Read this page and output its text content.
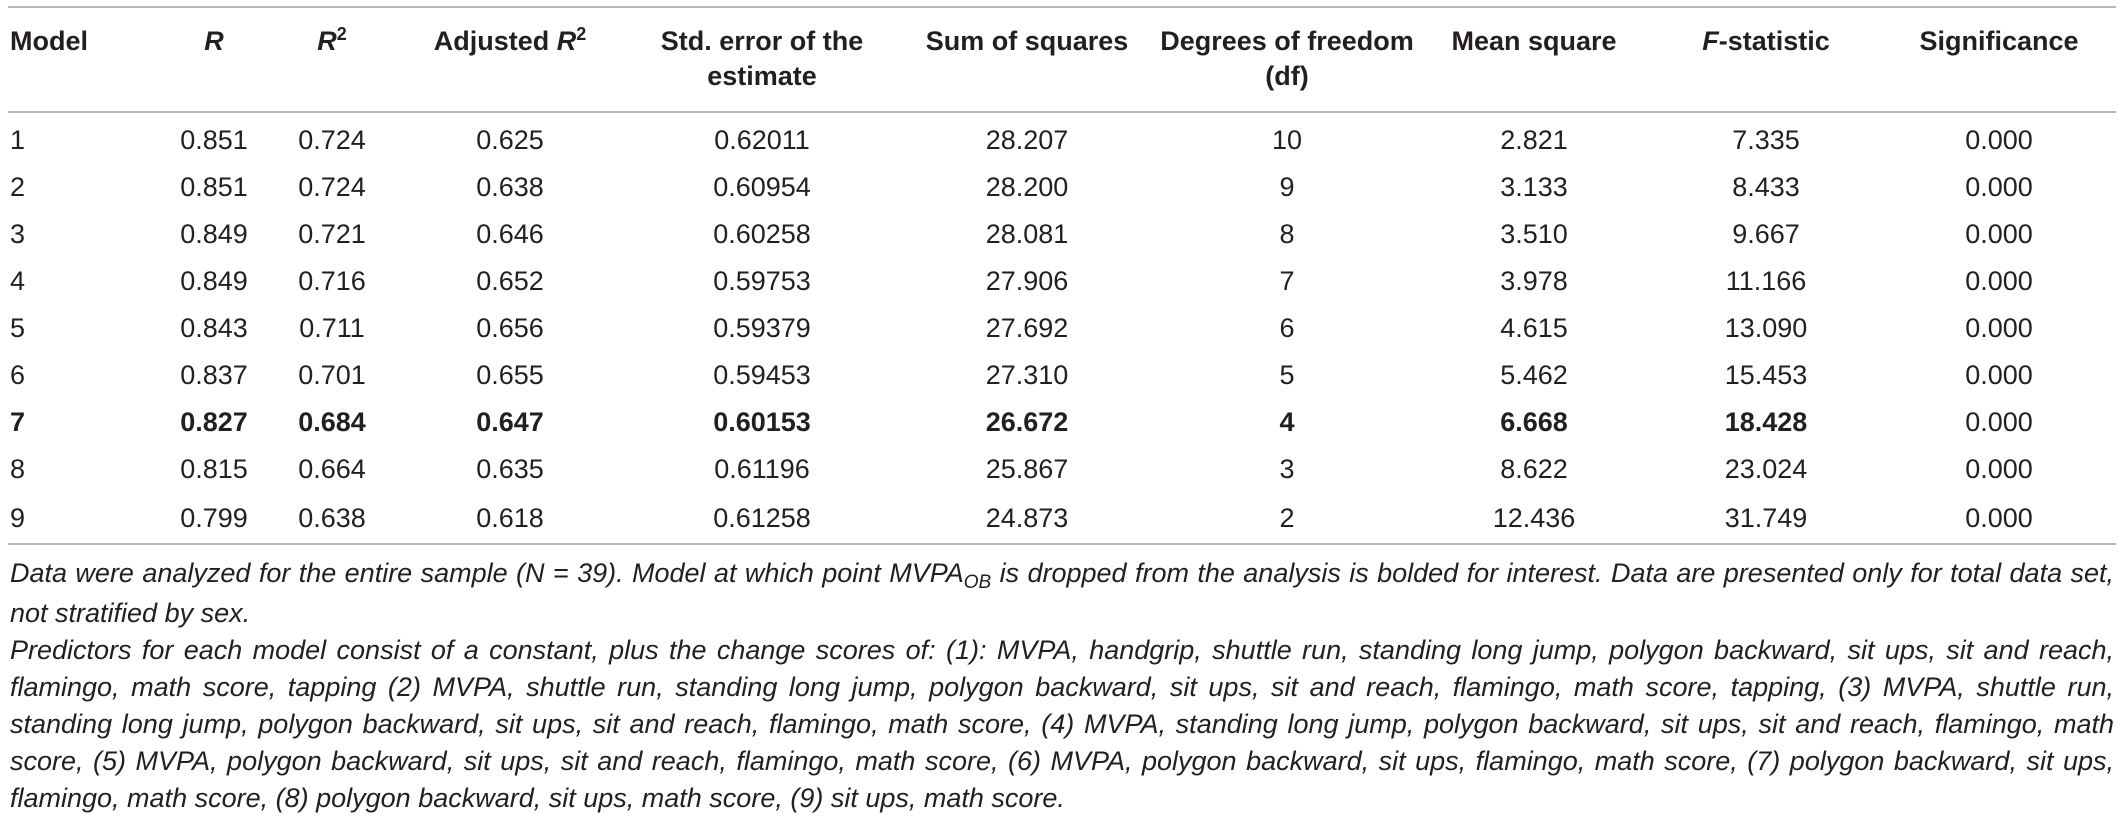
Model	R	$R^2$	Adjusted $R^2$	Std. error of the estimate	Sum of squares	Degrees of freedom (df)	Mean square	F-statistic	Significance
1	0.851	0.724	0.625	0.62011	28.207	10	2.821	7.335	0.000
2	0.851	0.724	0.638	0.60954	28.200	9	3.133	8.433	0.000
3	0.849	0.721	0.646	0.60258	28.081	8	3.510	9.667	0.000
4	0.849	0.716	0.652	0.59753	27.906	7	3.978	11.166	0.000
5	0.843	0.711	0.656	0.59379	27.692	6	4.615	13.090	0.000
6	0.837	0.701	0.655	0.59453	27.310	5	5.462	15.453	0.000
7	0.827	0.684	0.647	0.60153	26.672	4	6.668	18.428	0.000
8	0.815	0.664	0.635	0.61196	25.867	3	8.622	23.024	0.000
9	0.799	0.638	0.618	0.61258	24.873	2	12.436	31.749	0.000

Data were analyzed for the entire sample (N = 39). Model at which point $MVPA_{OB}$ is dropped from the analysis is bolded for interest. Data are presented only for total data set, not stratified by sex.

Predictors for each model consist of a constant, plus the change scores of: (1): MVPA, handgrip, shuttle run, standing long jump, polygon backward, sit ups, sit and reach, flamingo, math score, tapping (2) MVPA, shuttle run, standing long jump, polygon backward, sit ups, sit and reach, flamingo, math score, tapping, (3) MVPA, shuttle run, standing long jump, polygon backward, sit ups, sit and reach, flamingo, math score, (4) MVPA, standing long jump, polygon backward, sit ups, sit and reach, flamingo, math score, (5) MVPA, polygon backward, sit ups, sit and reach, flamingo, math score, (6) MVPA, polygon backward, sit ups, flamingo, math score, (7) polygon backward, sit ups, flamingo, math score, (8) polygon backward, sit ups, math score, (9) sit ups, math score.
